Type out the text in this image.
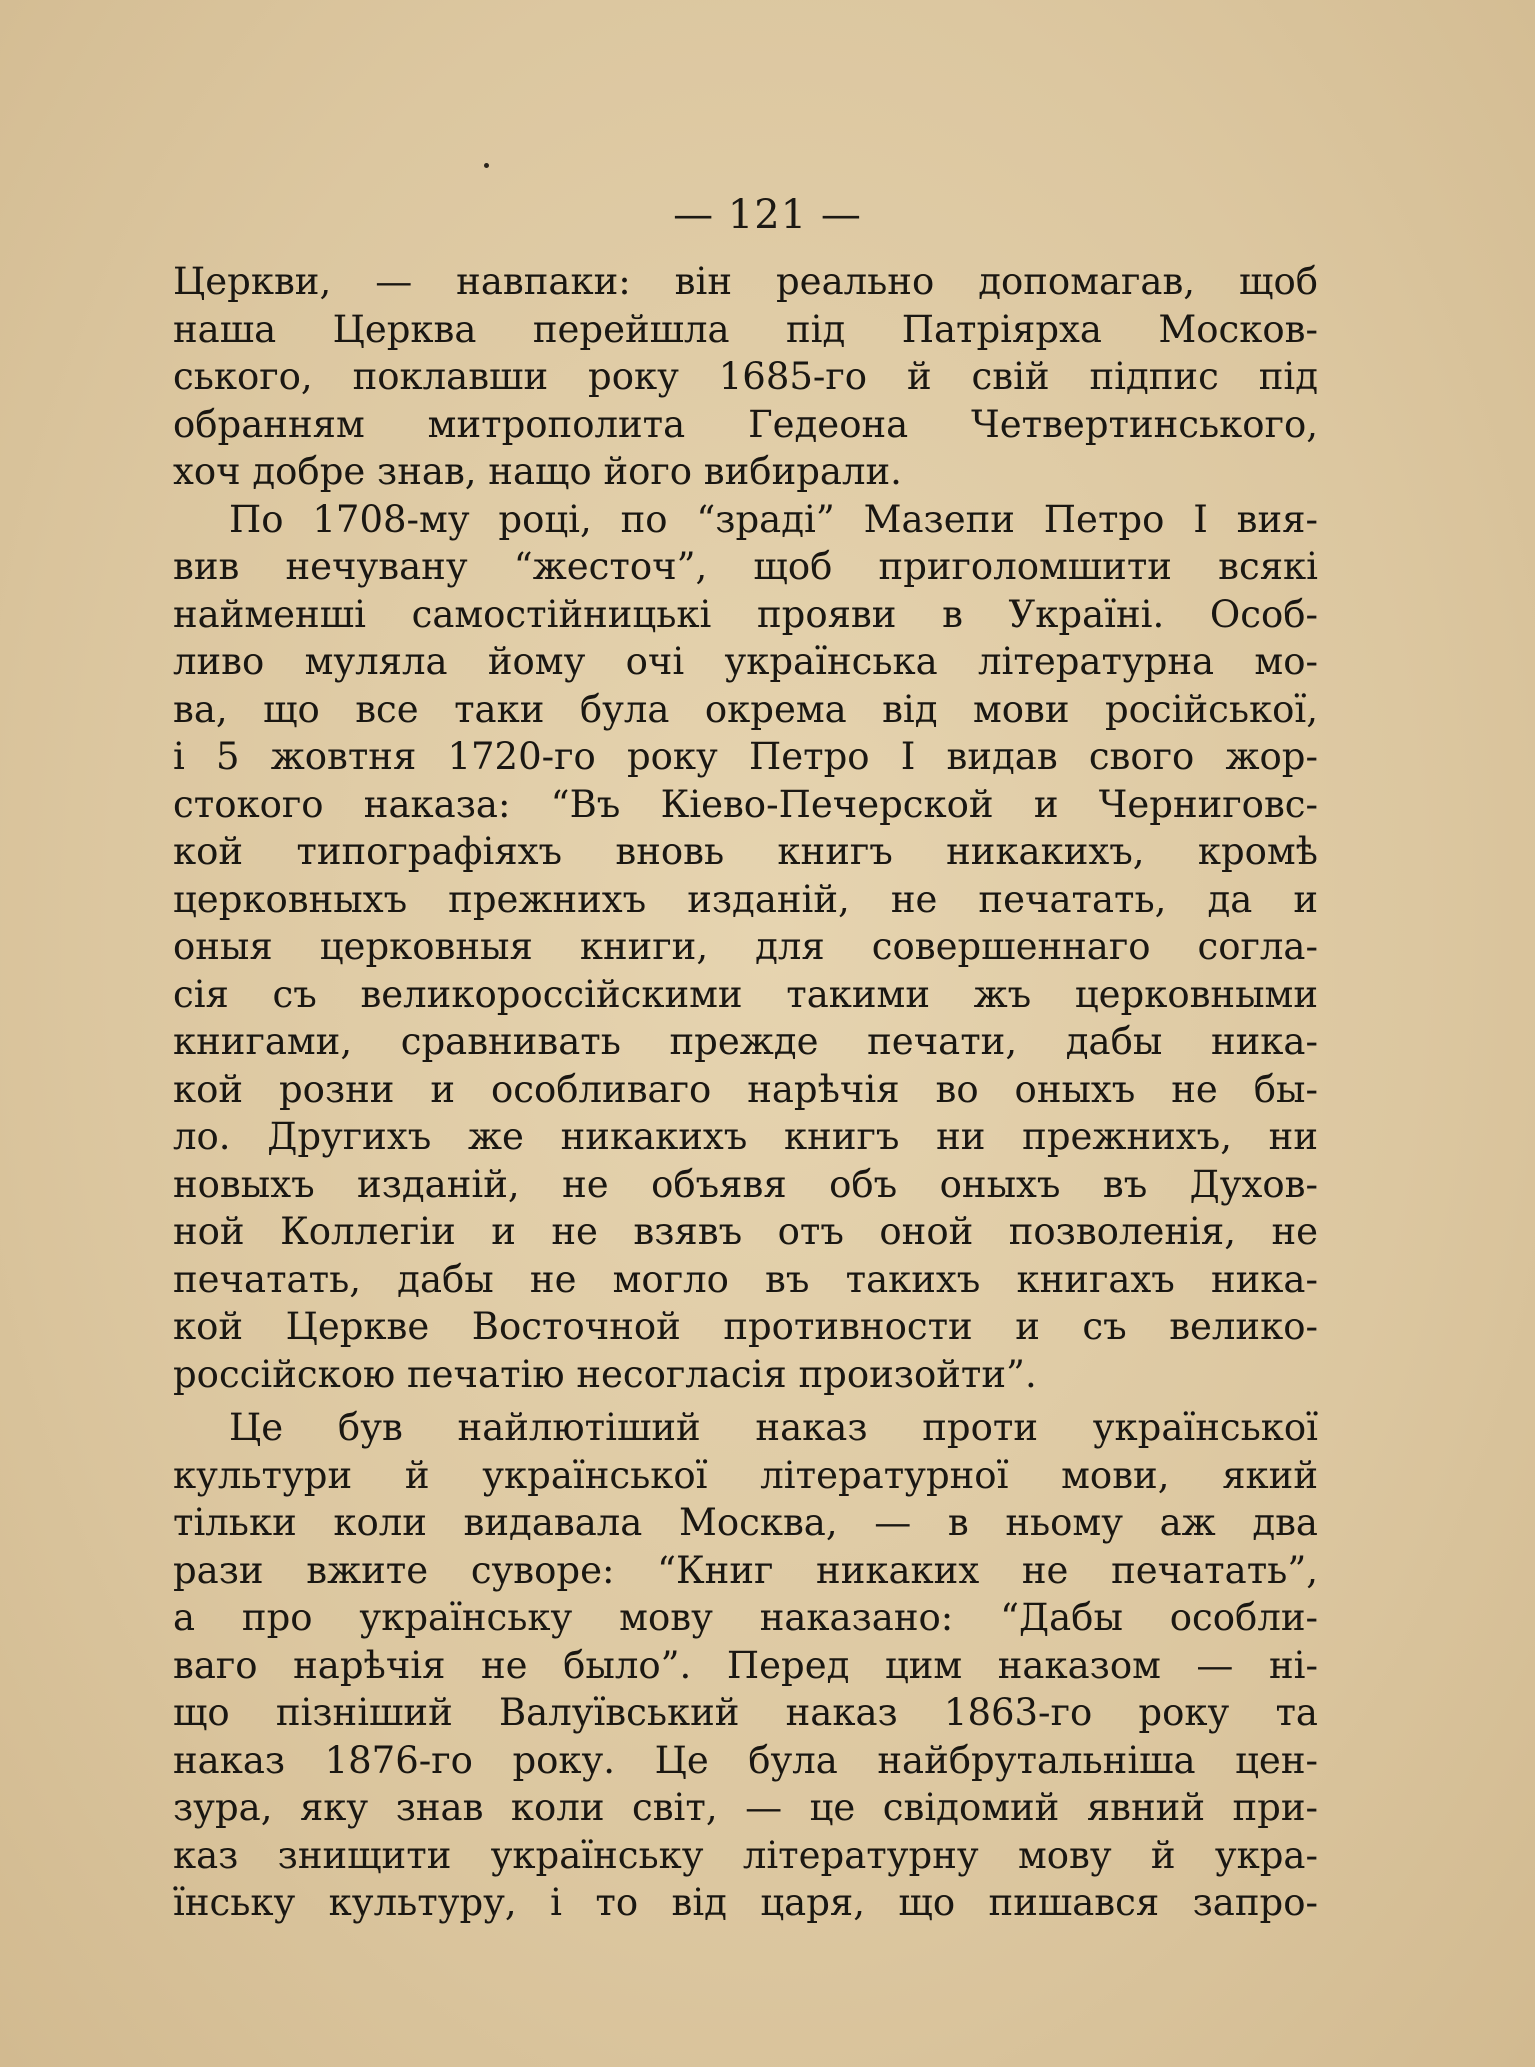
— 121 —
Церкви, — навпаки: він реально допомагав, щоб
наша Церква перейшла під Патріярха Москов-
ського, поклавши року 1685-го й свій підпис під
обранням митрополита Гедеона Четвертинського,
хоч добре знав, нащо його вибирали.
По 1708-му році, по “зраді” Мазепи Петро I вия-
вив нечувану “жесточ”, щоб приголомшити всякі
найменші самостійницькі прояви в Україні. Особ-
ливо муляла йому очі українська літературна мо-
ва, що все таки була окрема від мови російської,
і 5 жовтня 1720-го року Петро I видав свого жор-
стокого наказа: “Въ Кіево-Печерской и Черниговс-
кой типографіяхъ вновь книгъ никакихъ, кромѣ
церковныхъ прежнихъ изданій, не печатать, да и
оныя церковныя книги, для совершеннаго согла-
сія съ великороссійскими такими жъ церковными
книгами, сравнивать прежде печати, дабы ника-
кой розни и особливаго нарѣчія во оныхъ не бы-
ло. Другихъ же никакихъ книгъ ни прежнихъ, ни
новыхъ изданій, не объявя объ оныхъ въ Духов-
ной Коллегіи и не взявъ отъ оной позволенія, не
печатать, дабы не могло въ такихъ книгахъ ника-
кой Церкве Восточной противности и съ велико-
россійскою печатію несогласія произойти”.
Це був найлютіший наказ проти української
культури й української літературної мови, який
тільки коли видавала Москва, — в ньому аж два
рази вжите суворе: “Книг никаких не печатать”,
а про українську мову наказано: “Дабы особли-
ваго нарѣчія не было”. Перед цим наказом — ні-
що пізніший Валуївський наказ 1863-го року та
наказ 1876-го року. Це була найбрутальніша цен-
зура, яку знав коли світ, — це свідомий явний при-
каз знищити українську літературну мову й укра-
їнську культуру, і то від царя, що пишався запро-
